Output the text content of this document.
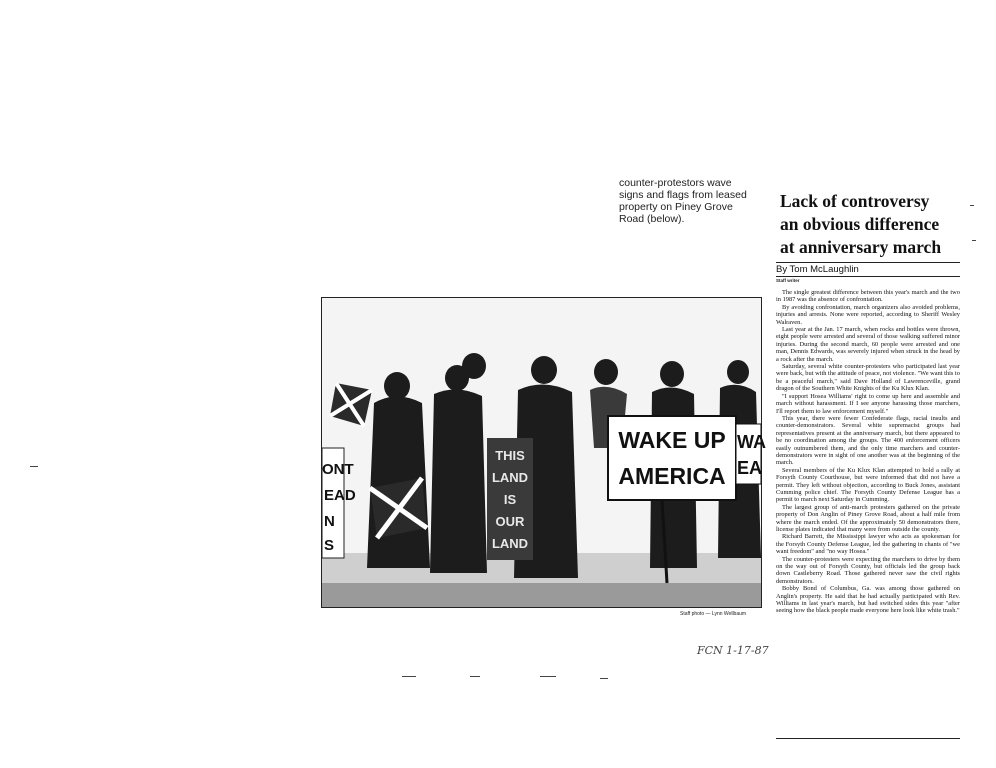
counter-protestors wave signs and flags from leased property on Piney Grove Road (below).
WAKE UP
AMERICA
THIS
LAND
IS
OUR
LAND
ONT
EAD
N
S
WA
EA
Staff photo — Lynn Wellbaum
Lack of controversy
an obvious difference
at anniversary march
By Tom McLaughlin
Staff writer

The single greatest difference between this year's march and the two in 1987 was the absence of confrontation.

By avoiding confrontation, march organizers also avoided problems, injuries and arrests. None were reported, according to Sheriff Wesley Walraven.

Last year at the Jan. 17 march, when rocks and bottles were thrown, eight people were arrested and several of those walking suffered minor injuries. During the second march, 60 people were arrested and one man, Dennis Edwards, was severely injured when struck in the head by a rock after the march.

Saturday, several white counter-protesters who participated last year were back, but with the attitude of peace, not violence. "We want this to be a peaceful march," said Dave Holland of Lawrenceville, grand dragon of the Southern White Knights of the Ku Klux Klan.

"I support Hosea Williams' right to come up here and assemble and march without harassment. If I see anyone harassing those marchers, I'll report them to law enforcement myself."

This year, there were fewer Confederate flags, racial insults and counter-demonstrators. Several white supremacist groups had representatives present at the anniversary march, but there appeared to be no coordination among the groups. The 400 enforcement officers easily outnumbered them, and the only time marchers and counter-demonstrators were in sight of one another was at the beginning of the march.

Several members of the Ku Klux Klan attempted to hold a rally at Forsyth County Courthouse, but were informed that did not have a permit. They left without objection, according to Buck Jones, assistant Cumming police chief. The Forsyth County Defense League has a permit to march next Saturday in Cumming.

The largest group of anti-march protesters gathered on the private property of Don Anglin of Piney Grove Road, about a half mile from where the march ended. Of the approximately 50 demonstrators there, license plates indicated that many were from outside the county.

Richard Barrett, the Mississippi lawyer who acts as spokesman for the Forsyth County Defense League, led the gathering in chants of "we want freedom" and "no way Hosea."

The counter-protesters were expecting the marchers to drive by them on the way out of Forsyth County, but officials led the group back down Castleberry Road. Those gathered never saw the civil rights demonstrators.

Bobby Bond of Columbus, Ga. was among those gathered on Anglin's property. He said that he had actually participated with Rev. Williams in last year's march, but had switched sides this year "after seeing how the black people made everyone here look like white trash."

FCN 1-17-87
